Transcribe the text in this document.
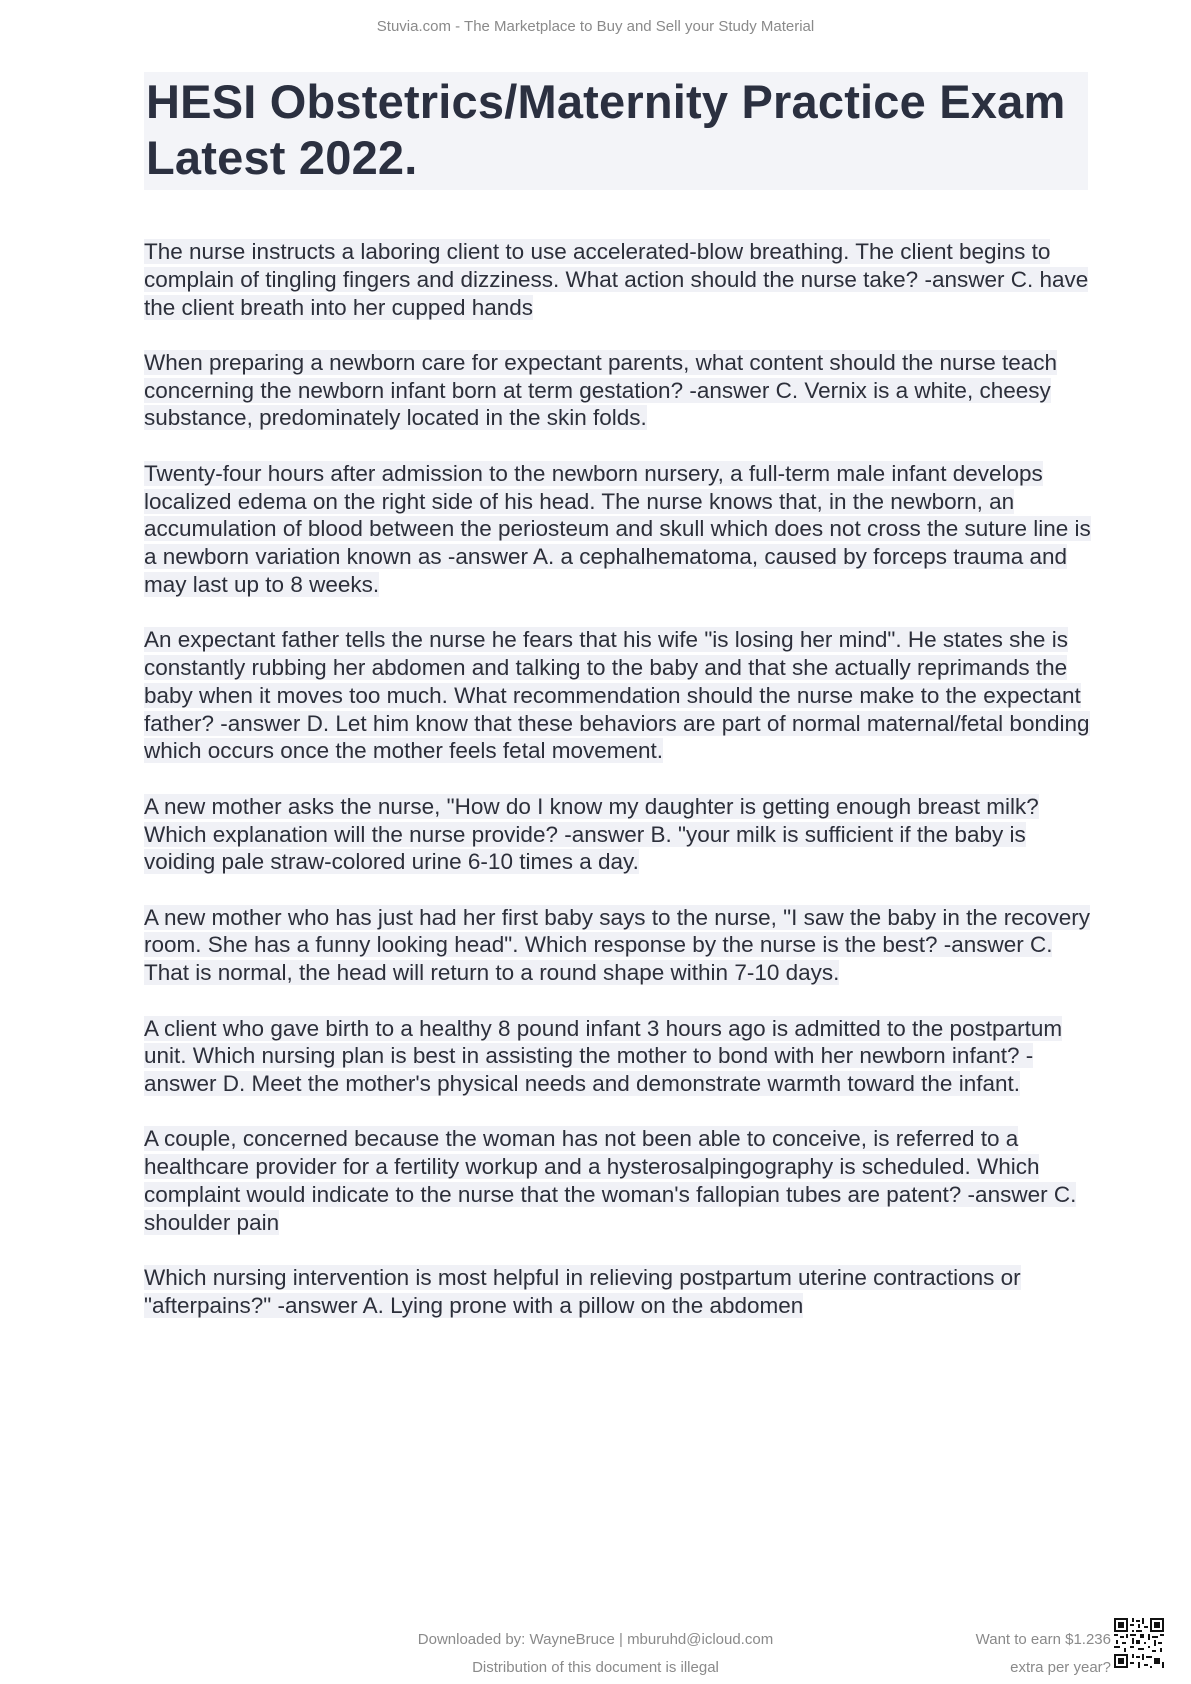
Stuvia.com - The Marketplace to Buy and Sell your Study Material
HESI Obstetrics/Maternity Practice Exam
Latest 2022.

The nurse instructs a laboring client to use accelerated-blow breathing. The client begins to complain of tingling fingers and dizziness. What action should the nurse take? -answer C. have the client breath into her cupped hands

When preparing a newborn care for expectant parents, what content should the nurse teach concerning the newborn infant born at term gestation? -answer C. Vernix is a white, cheesy substance, predominately located in the skin folds.

Twenty-four hours after admission to the newborn nursery, a full-term male infant develops localized edema on the right side of his head. The nurse knows that, in the newborn, an accumulation of blood between the periosteum and skull which does not cross the suture line is a newborn variation known as -answer A. a cephalhematoma, caused by forceps trauma and may last up to 8 weeks.

An expectant father tells the nurse he fears that his wife "is losing her mind". He states she is constantly rubbing her abdomen and talking to the baby and that she actually reprimands the baby when it moves too much. What recommendation should the nurse make to the expectant father? -answer D. Let him know that these behaviors are part of normal maternal/fetal bonding which occurs once the mother feels fetal movement.

A new mother asks the nurse, "How do I know my daughter is getting enough breast milk? Which explanation will the nurse provide? -answer B. "your milk is sufficient if the baby is voiding pale straw-colored urine 6-10 times a day.

A new mother who has just had her first baby says to the nurse, "I saw the baby in the recovery room. She has a funny looking head". Which response by the nurse is the best? -answer C. That is normal, the head will return to a round shape within 7-10 days.

A client who gave birth to a healthy 8 pound infant 3 hours ago is admitted to the postpartum unit. Which nursing plan is best in assisting the mother to bond with her newborn infant? -answer D. Meet the mother's physical needs and demonstrate warmth toward the infant.

A couple, concerned because the woman has not been able to conceive, is referred to a healthcare provider for a fertility workup and a hysterosalpingography is scheduled. Which complaint would indicate to the nurse that the woman's fallopian tubes are patent? -answer C. shoulder pain

Which nursing intervention is most helpful in relieving postpartum uterine contractions or "afterpains?" -answer A. Lying prone with a pillow on the abdomen

Downloaded by: WayneBruce | mburuhd@icloud.com
Distribution of this document is illegal
Want to earn $1.236
extra per year?
